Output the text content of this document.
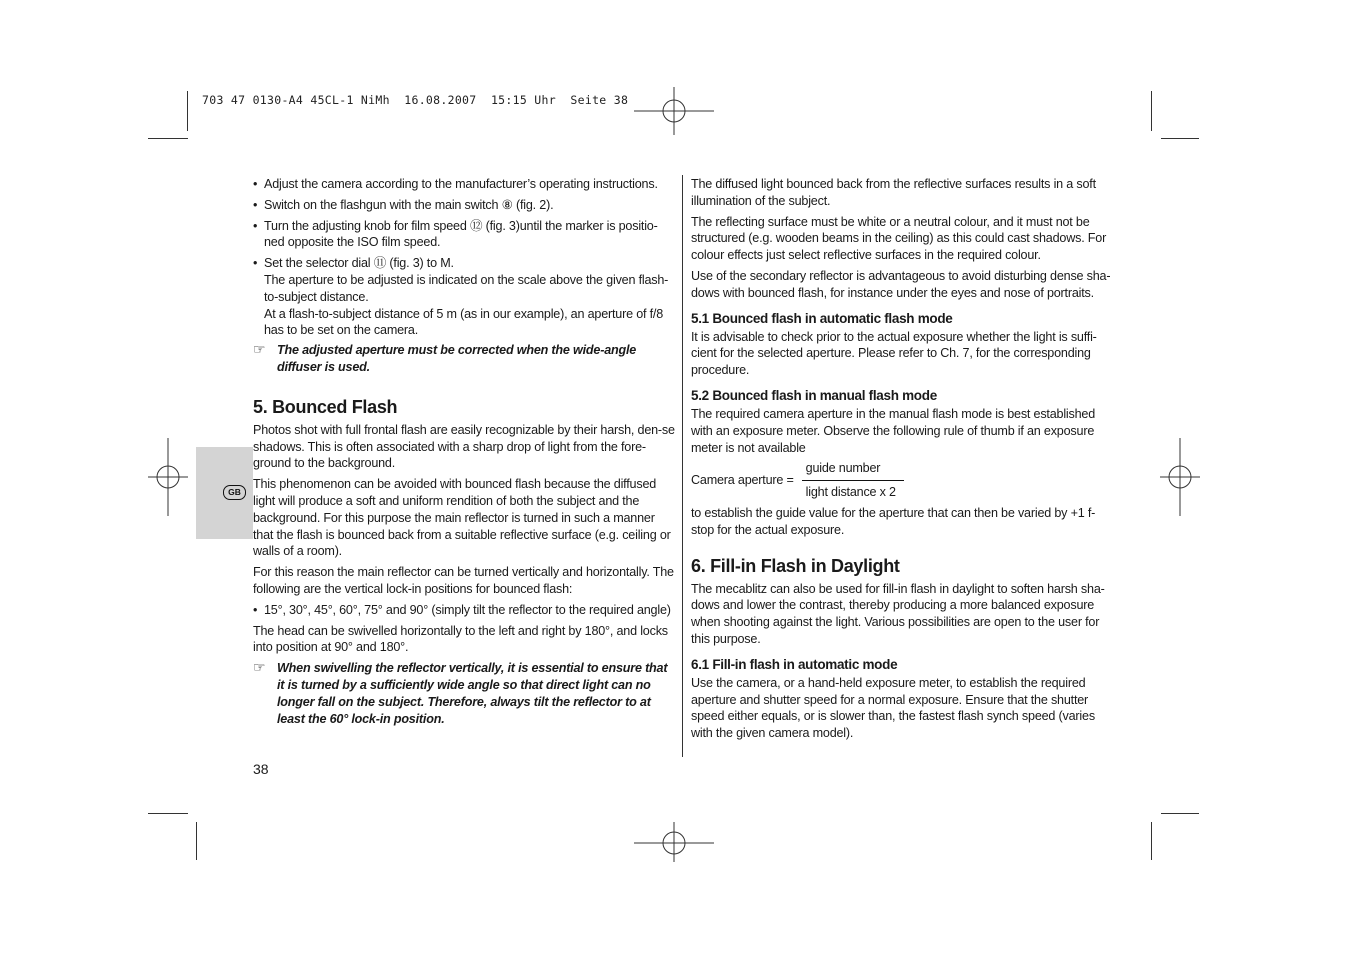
703 47 0130-A4 45CL-1 NiMh  16.08.2007  15:15 Uhr  Seite 38
GB
• Adjust the camera according to the manufacturer’s operating instructions.
• Switch on the flashgun with the main switch ⑧ (fig. 2).
• Turn the adjusting knob for film speed ⑫ (fig. 3)until the marker is positio-ned opposite the ISO film speed.
• Set the selector dial ⑪ (fig. 3) to M.
The aperture to be adjusted is indicated on the scale above the given flash-to-subject distance.
At a flash-to-subject distance of 5 m (as in our example), an aperture of f/8 has to be set on the camera.
☞ The adjusted aperture must be corrected when the wide-angle diffuser is used.
5. Bounced Flash

Photos shot with full frontal flash are easily recognizable by their harsh, den-se shadows. This is often associated with a sharp drop of light from the fore-ground to the background.

This phenomenon can be avoided with bounced flash because the diffused light will produce a soft and uniform rendition of both the subject and the background. For this purpose the main reflector is turned in such a manner that the flash is bounced back from a suitable reflective surface (e.g. ceiling or walls of a room).

For this reason the main reflector can be turned vertically and horizontally. The following are the vertical lock-in positions for bounced flash:

• 15°, 30°, 45°, 60°, 75° and 90° (simply tilt the reflector to the required angle)

The head can be swivelled horizontally to the left and right by 180°, and locks into position at 90° and 180°.

☞ When swivelling the reflector vertically, it is essential to ensure that it is turned by a sufficiently wide angle so that direct light can no longer fall on the subject. Therefore, always tilt the reflector to at least the 60° lock-in position.

The diffused light bounced back from the reflective surfaces results in a soft illumination of the subject.

The reflecting surface must be white or a neutral colour, and it must not be structured (e.g. wooden beams in the ceiling) as this could cast shadows. For colour effects just select reflective surfaces in the required colour.

Use of the secondary reflector is advantageous to avoid disturbing dense sha-dows with bounced flash, for instance under the eyes and nose of portraits.

5.1 Bounced flash in automatic flash mode

It is advisable to check prior to the actual exposure whether the light is suffi-cient for the selected aperture. Please refer to Ch. 7, for the corresponding procedure.

5.2 Bounced flash in manual flash mode

The required camera aperture in the manual flash mode is best established with an exposure meter. Observe the following rule of thumb if an exposure meter is not available

Camera aperture = $\frac{\text{guide number}}{\text{light distance x 2}}$

to establish the guide value for the aperture that can then be varied by +1 f-stop for the actual exposure.

6. Fill-in Flash in Daylight

The mecablitz can also be used for fill-in flash in daylight to soften harsh sha-dows and lower the contrast, thereby producing a more balanced exposure when shooting against the light. Various possibilities are open to the user for this purpose.

6.1 Fill-in flash in automatic mode

Use the camera, or a hand-held exposure meter, to establish the required aperture and shutter speed for a normal exposure. Ensure that the shutter speed either equals, or is slower than, the fastest flash synch speed (varies with the given camera model).

38
